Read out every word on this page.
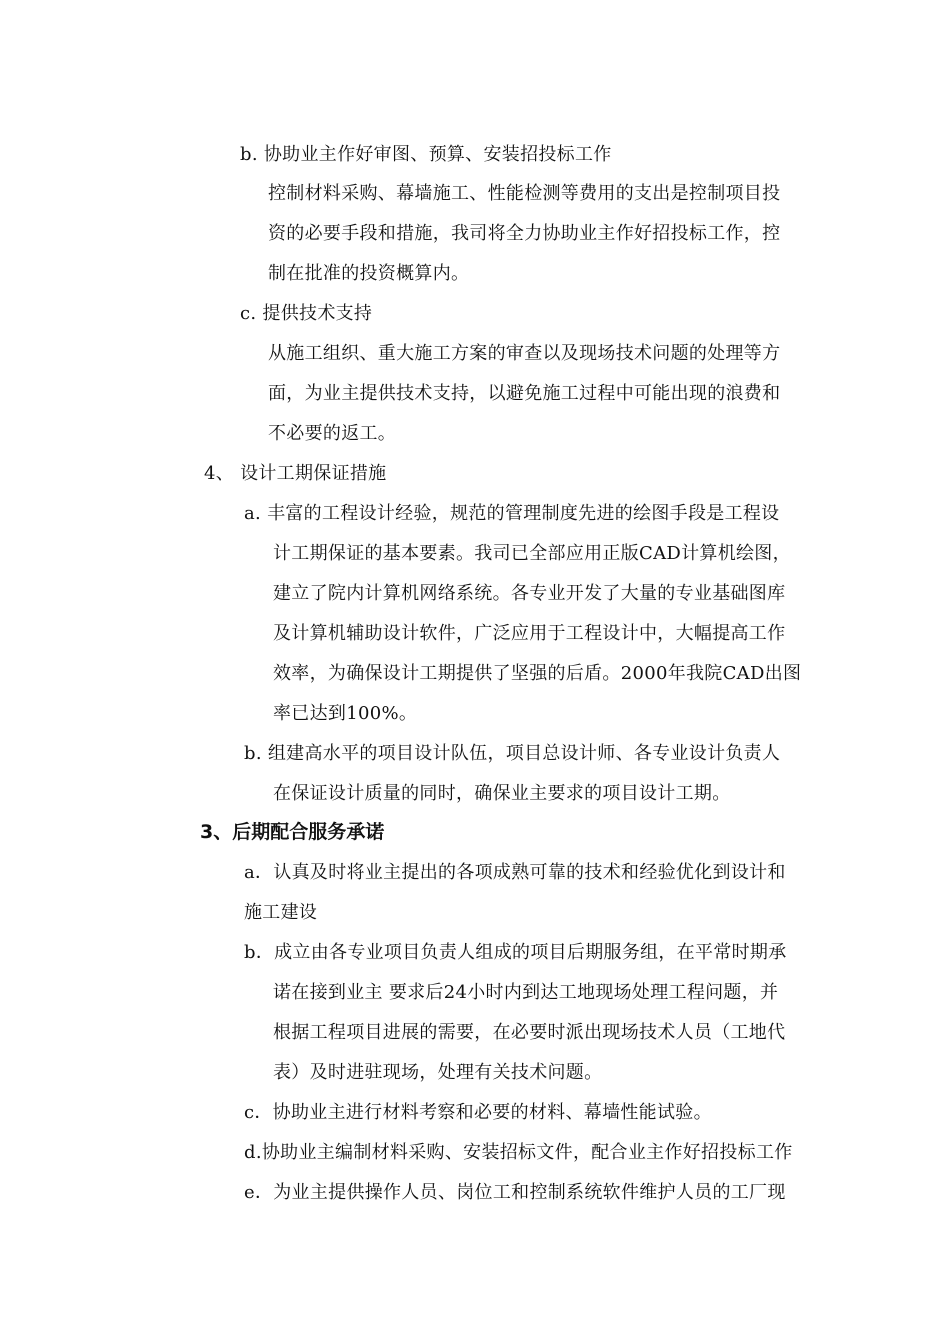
b. 协助业主作好审图、预算、安装招投标工作
控制材料采购、幕墙施工、性能检测等费用的支出是控制项目投
资的必要手段和措施，我司将全力协助业主作好招投标工作，控
制在批准的投资概算内。
c. 提供技术支持
从施工组织、重大施工方案的审查以及现场技术问题的处理等方
面，为业主提供技术支持，以避免施工过程中可能出现的浪费和
不必要的返工。
4、 设计工期保证措施
a. 丰富的工程设计经验，规范的管理制度先进的绘图手段是工程设
计工期保证的基本要素。我司已全部应用正版CAD计算机绘图，
建立了院内计算机网络系统。各专业开发了大量的专业基础图库
及计算机辅助设计软件，广泛应用于工程设计中，大幅提高工作
效率，为确保设计工期提供了坚强的后盾。2000年我院CAD出图
率已达到100%。
b. 组建高水平的项目设计队伍，项目总设计师、各专业设计负责人
在保证设计质量的同时，确保业主要求的项目设计工期。
3、后期配合服务承诺
a．认真及时将业主提出的各项成熟可靠的技术和经验优化到设计和
施工建设
b．成立由各专业项目负责人组成的项目后期服务组，在平常时期承
诺在接到业主 要求后24小时内到达工地现场处理工程问题，并
根据工程项目进展的需要，在必要时派出现场技术人员（工地代
表）及时进驻现场，处理有关技术问题。
c．协助业主进行材料考察和必要的材料、幕墙性能试验。
d.协助业主编制材料采购、安装招标文件，配合业主作好招投标工作
e．为业主提供操作人员、岗位工和控制系统软件维护人员的工厂现
